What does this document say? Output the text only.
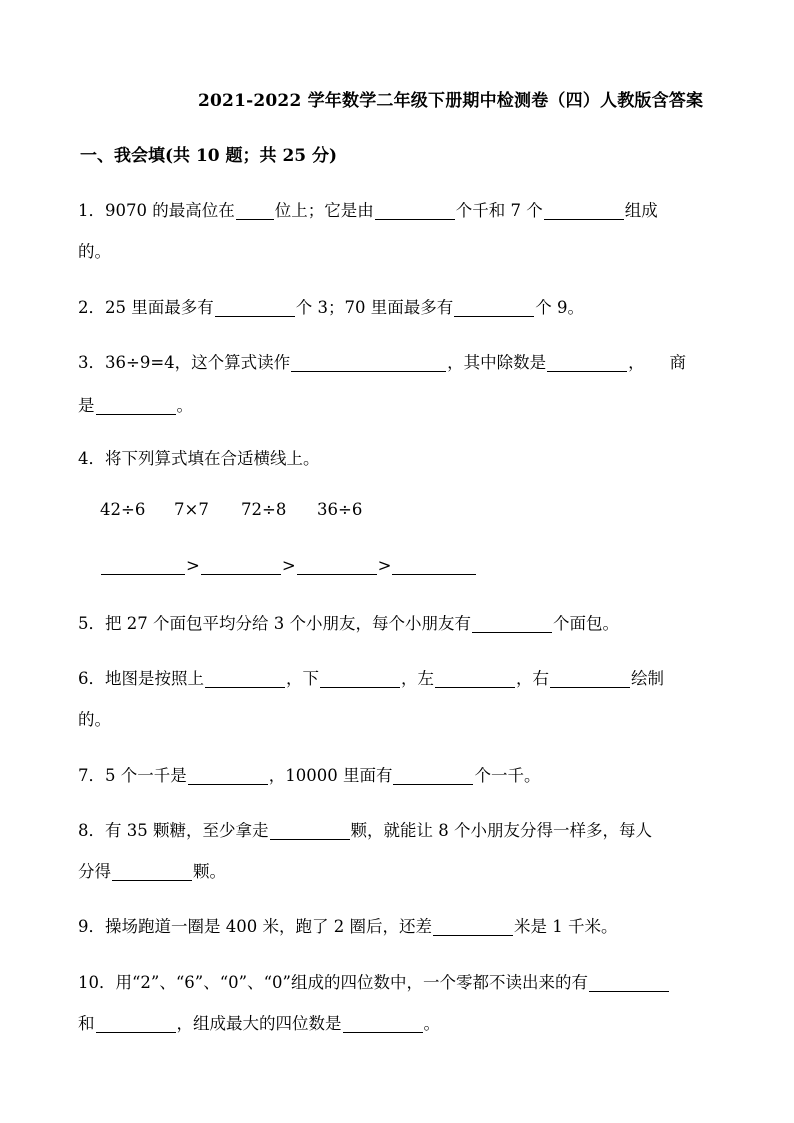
2021-2022 学年数学二年级下册期中检测卷（四）人教版含答案
一、我会填(共 10 题；共 25 分)
1．9070 的最高位在 位上；它是由	个千和 7 个	组成
的。
2．25 里面最多有	个 3；70 里面最多有	个 9。
3．36÷9=4，这个算式读作	，其中除数是	， 商
是	。
4．将下列算式填在合适横线上。
42÷6 7×7 72÷8 36÷6
>	>	>
5．把 27 个面包平均分给 3 个小朋友，每个小朋友有	个面包。
6．地图是按照上	，下	，左	，右	绘制
的。
7．5 个一千是	，10000 里面有	个一千。
8．有 35 颗糖，至少拿走	颗，就能让 8 个小朋友分得一样多，每人
分得	颗。
9．操场跑道一圈是 400 米，跑了 2 圈后，还差	米是 1 千米。
10．用“2”、“6”、“0”、“0”组成的四位数中，一个零都不读出来的有
和	，组成最大的四位数是	。
